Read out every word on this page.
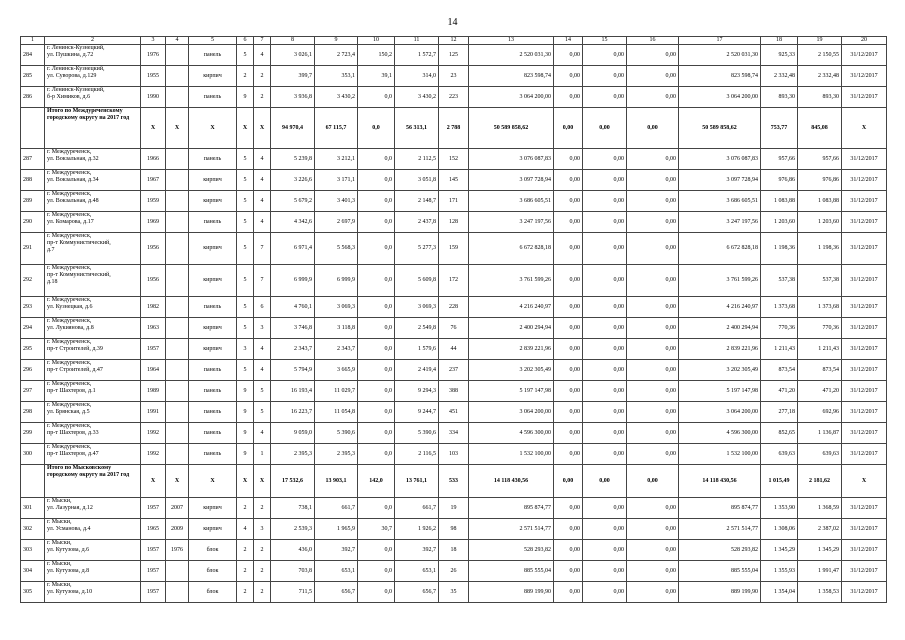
14
1	2	3	4	5	6	7	8	9	10	11	12	13	14	15	16	17	18	19	20
284	г. Ленинск-Кузнецкий,
ул. Пушкина, д.72	1976		панель	5	4	3 026,1	2 723,4	150,2	1 572,7	125	2 520 031,30	0,00	0,00	0,00	2 520 031,30	925,33	2 150,55	31/12/2017
285	г. Ленинск-Кузнецкий,
ул. Суворова, д.129	1955		кирпич	2	2	399,7	353,1	39,1	314,0	23	823 598,74	0,00	0,00	0,00	823 598,74	2 332,48	2 332,48	31/12/2017
286	г. Ленинск-Кузнецкий,
б-р Химиков, д.6	1990		панель	9	2	3 936,8	3 430,2	0,0	3 430,2	223	3 064 200,00	0,00	0,00	0,00	3 064 200,00	893,30	893,30	31/12/2017
	Итого по Междуреченскому городскому округу на 2017 год	X	X	X	X	X	94 970,4	67 115,7	0,0	56 313,1	2 788	50 589 858,62	0,00	0,00	0,00	50 589 858,62	753,77	845,08	X
287	г. Междуреченск,
ул. Вокзальная, д.32	1966		панель	5	4	5 239,8	3 212,1	0,0	2 112,5	152	3 076 087,83	0,00	0,00	0,00	3 076 087,83	957,66	957,66	31/12/2017
288	г. Междуреченск,
ул. Вокзальная, д.34	1967		кирпич	5	4	3 226,6	3 171,1	0,0	3 051,8	145	3 097 728,94	0,00	0,00	0,00	3 097 728,94	976,86	976,86	31/12/2017
289	г. Междуреченск,
ул. Вокзальная, д.48	1959		кирпич	5	4	5 679,2	3 401,3	0,0	2 148,7	171	3 686 605,51	0,00	0,00	0,00	3 686 605,51	1 083,88	1 083,88	31/12/2017
290	г. Междуреченск,
ул. Комарова, д.17	1969		панель	5	4	4 342,6	2 697,9	0,0	2 437,8	128	3 247 197,56	0,00	0,00	0,00	3 247 197,56	1 203,60	1 203,60	31/12/2017
291	г. Междуреченск,
пр-т Коммунистический,
д.7	1956		кирпич	5	7	6 971,4	5 568,3	0,0	5 277,3	159	6 672 828,18	0,00	0,00	0,00	6 672 828,18	1 198,36	1 198,36	31/12/2017
292	г. Междуреченск,
пр-т Коммунистический,
д.18	1956		кирпич	5	7	6 999,9	6 999,9	0,0	5 609,8	172	3 761 599,26	0,00	0,00	0,00	3 761 599,26	537,38	537,38	31/12/2017
293	г. Междуреченск,
ул. Кузнецкая, д.6	1982		панель	5	6	4 760,1	3 069,3	0,0	3 069,3	228	4 216 240,97	0,00	0,00	0,00	4 216 240,97	1 373,68	1 373,68	31/12/2017
294	г. Междуреченск,
ул. Лукиянова, д.8	1963		кирпич	5	3	3 746,8	3 118,8	0,0	2 549,8	76	2 400 294,94	0,00	0,00	0,00	2 400 294,94	770,36	770,36	31/12/2017
295	г. Междуреченск,
пр-т Строителей, д.39	1957		кирпич	3	4	2 343,7	2 343,7	0,0	1 579,6	44	2 839 221,96	0,00	0,00	0,00	2 839 221,96	1 211,43	1 211,43	31/12/2017
296	г. Междуреченск,
пр-т Строителей, д.47	1964		панель	5	4	5 794,9	3 665,9	0,0	2 419,4	237	3 202 305,49	0,00	0,00	0,00	3 202 305,49	873,54	873,54	31/12/2017
297	г. Междуреченск,
пр-т Шахтеров, д.1	1989		панель	9	5	16 193,4	11 029,7	0,0	9 294,3	388	5 197 147,98	0,00	0,00	0,00	5 197 147,98	471,20	471,20	31/12/2017
298	г. Междуреченск,
ул. Брянская, д.5	1991		панель	9	5	16 223,7	11 054,8	0,0	9 244,7	451	3 064 200,00	0,00	0,00	0,00	3 064 200,00	277,18	692,96	31/12/2017
299	г. Междуреченск,
пр-т Шахтеров, д.33	1992		панель	9	4	9 059,0	5 390,6	0,0	5 390,6	334	4 596 300,00	0,00	0,00	0,00	4 596 300,00	852,65	1 136,87	31/12/2017
300	г. Междуреченск,
пр-т Шахтеров, д.47	1992		панель	9	1	2 395,3	2 395,3	0,0	2 116,5	103	1 532 100,00	0,00	0,00	0,00	1 532 100,00	639,63	639,63	31/12/2017
	Итого по Мысковскому городскому округу на 2017 год	X	X	X	X	X	17 532,6	13 903,1	142,0	13 761,1	533	14 118 430,56	0,00	0,00	0,00	14 118 430,56	1 015,49	2 181,62	X
301	г. Мыски,
ул. Лазурная, д.12	1957	2007	кирпич	2	2	738,1	661,7	0,0	661,7	19	895 874,77	0,00	0,00	0,00	895 874,77	1 353,90	1 368,59	31/12/2017
302	г. Мыски,
ул. Усманова, д.4	1965	2009	кирпич	4	3	2 539,3	1 965,9	30,7	1 926,2	98	2 571 514,77	0,00	0,00	0,00	2 571 514,77	1 308,06	2 387,02	31/12/2017
303	г. Мыски,
ул. Кутузова, д.6	1957	1976	блок	2	2	436,0	392,7	0,0	392,7	18	528 293,82	0,00	0,00	0,00	528 293,82	1 345,29	1 345,29	31/12/2017
304	г. Мыски,
ул. Кутузова, д.8	1957		блок	2	2	703,8	653,1	0,0	653,1	26	885 555,04	0,00	0,00	0,00	885 555,04	1 355,93	1 991,47	31/12/2017
305	г. Мыски,
ул. Кутузова, д.10	1957		блок	2	2	711,5	656,7	0,0	656,7	35	889 199,90	0,00	0,00	0,00	889 199,90	1 354,04	1 358,53	31/12/2017
